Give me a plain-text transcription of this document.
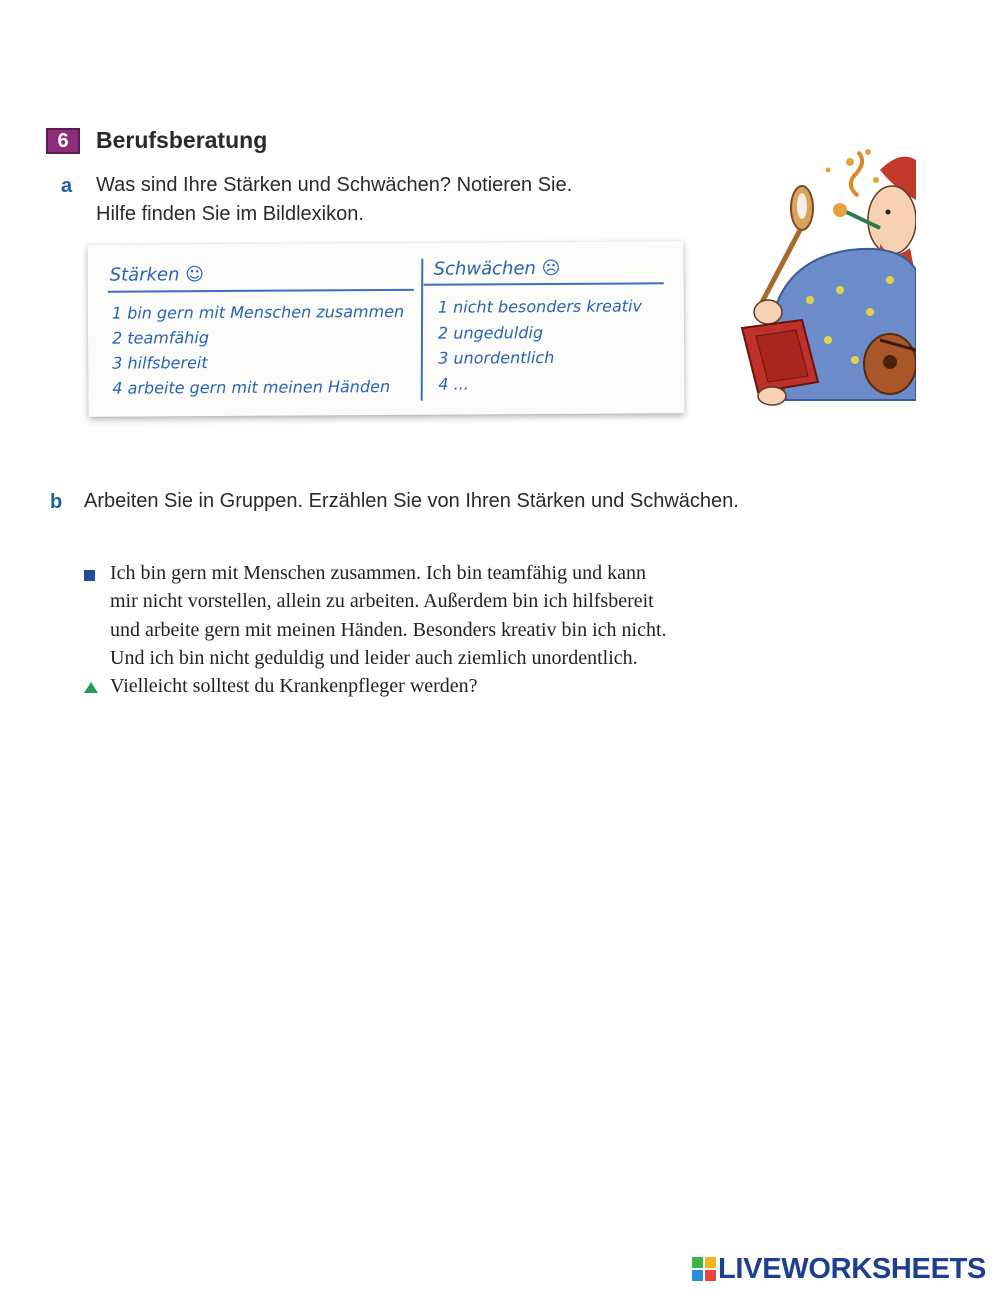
6	Berufsberatung
a Was sind Ihre Stärken und Schwächen? Notieren Sie.
Hilfe finden Sie im Bildlexikon.
Stärken ☺	Schwächen ☹
1 bin gern mit Menschen zusammen
2 teamfähig
3 hilfsbereit
4 arbeite gern mit meinen Händen
1 nicht besonders kreativ
2 ungeduldig
3 unordentlich
4 ...
b Arbeiten Sie in Gruppen. Erzählen Sie von Ihren Stärken und Schwächen.
Ich bin gern mit Menschen zusammen. Ich bin teamfähig und kann
mir nicht vorstellen, allein zu arbeiten. Außerdem bin ich hilfsbereit
und arbeite gern mit meinen Händen. Besonders kreativ bin ich nicht.
Und ich bin nicht geduldig und leider auch ziemlich unordentlich.
Vielleicht solltest du Krankenpfleger werden?
LIVEWORKSHEETS
